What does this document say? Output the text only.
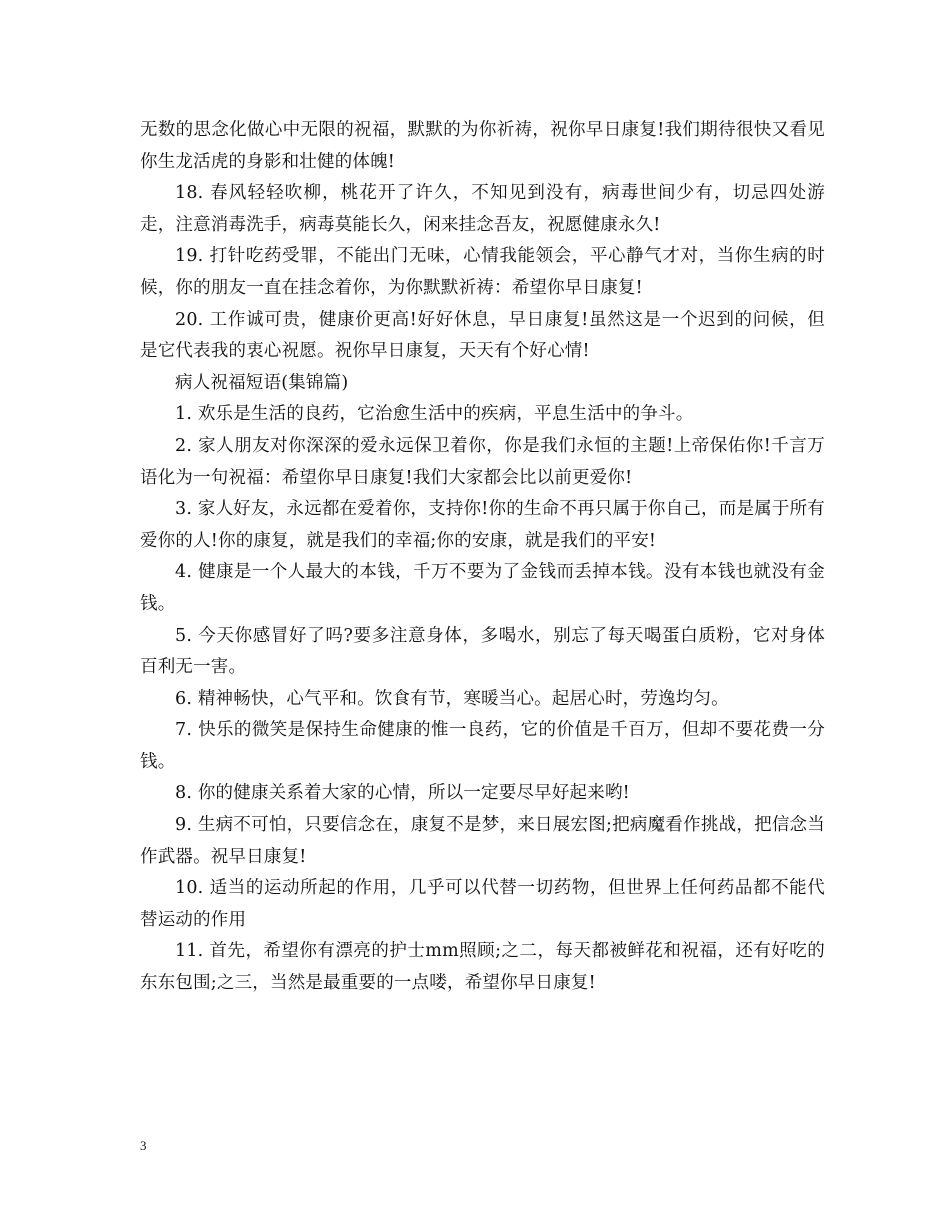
无数的思念化做心中无限的祝福，默默的为你祈祷，祝你早日康复!我们期待很快又看见你生龙活虎的身影和壮健的体魄!

18. 春风轻轻吹柳，桃花开了许久，不知见到没有，病毒世间少有，切忌四处游走，注意消毒洗手，病毒莫能长久，闲来挂念吾友，祝愿健康永久!

19. 打针吃药受罪，不能出门无味，心情我能领会，平心静气才对，当你生病的时候，你的朋友一直在挂念着你，为你默默祈祷：希望你早日康复!

20. 工作诚可贵，健康价更高!好好休息，早日康复!虽然这是一个迟到的问候，但是它代表我的衷心祝愿。祝你早日康复，天天有个好心情!

病人祝福短语(集锦篇)

1. 欢乐是生活的良药，它治愈生活中的疾病，平息生活中的争斗。

2. 家人朋友对你深深的爱永远保卫着你，你是我们永恒的主题!上帝保佑你!千言万语化为一句祝福：希望你早日康复!我们大家都会比以前更爱你!

3. 家人好友，永远都在爱着你，支持你!你的生命不再只属于你自己，而是属于所有爱你的人!你的康复，就是我们的幸福;你的安康，就是我们的平安!

4. 健康是一个人最大的本钱，千万不要为了金钱而丢掉本钱。没有本钱也就没有金钱。

5. 今天你感冒好了吗?要多注意身体，多喝水，别忘了每天喝蛋白质粉，它对身体百利无一害。

6. 精神畅快，心气平和。饮食有节，寒暖当心。起居心时，劳逸均匀。

7. 快乐的微笑是保持生命健康的惟一良药，它的价值是千百万，但却不要花费一分钱。

8. 你的健康关系着大家的心情，所以一定要尽早好起来哟!

9. 生病不可怕，只要信念在，康复不是梦，来日展宏图;把病魔看作挑战，把信念当作武器。祝早日康复!

10. 适当的运动所起的作用，几乎可以代替一切药物，但世界上任何药品都不能代替运动的作用

11. 首先，希望你有漂亮的护士mm照顾;之二，每天都被鲜花和祝福，还有好吃的东东包围;之三，当然是最重要的一点喽，希望你早日康复!

3
